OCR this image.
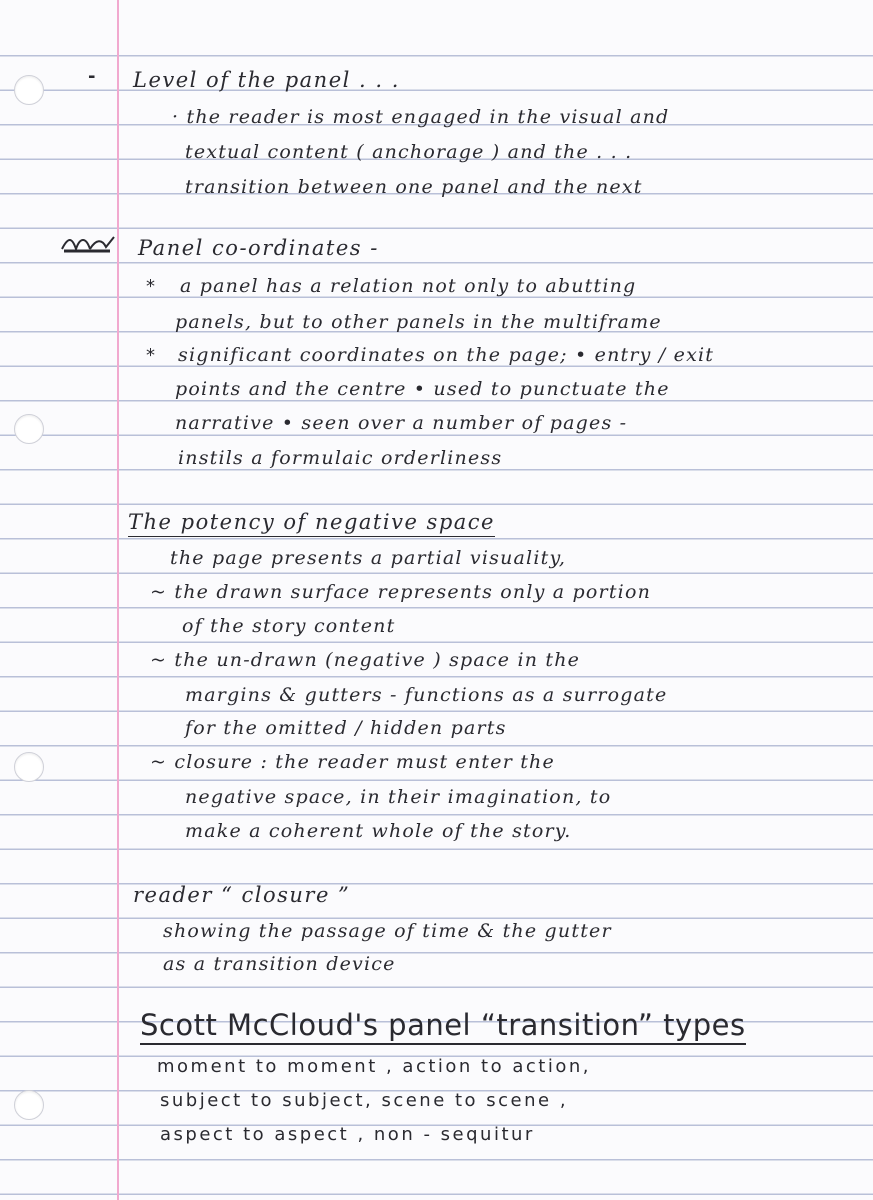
- Level of the panel . . .
· the reader is most engaged in the visual and
textual content ( anchorage ) and the . . .
transition between one panel and the next
Panel co-ordinates -
* a panel has a relation not only to abutting
panels, but to other panels in the multiframe
* significant coordinates on the page; • entry / exit
points and the centre • used to punctuate the
narrative • seen over a number of pages -
instils a formulaic orderliness
The potency of negative space
the page presents a partial visuality,
~ the drawn surface represents only a portion
of the story content
~ the un-drawn (negative ) space in the
margins & gutters - functions as a surrogate
for the omitted / hidden parts
~ closure : the reader must enter the
negative space, in their imagination, to
make a coherent whole of the story.
reader “ closure ”
showing the passage of time & the gutter
as a transition device
Scott McCloud's panel “transition” types
moment to moment , action to action,
subject to subject, scene to scene ,
aspect to aspect , non - sequitur
